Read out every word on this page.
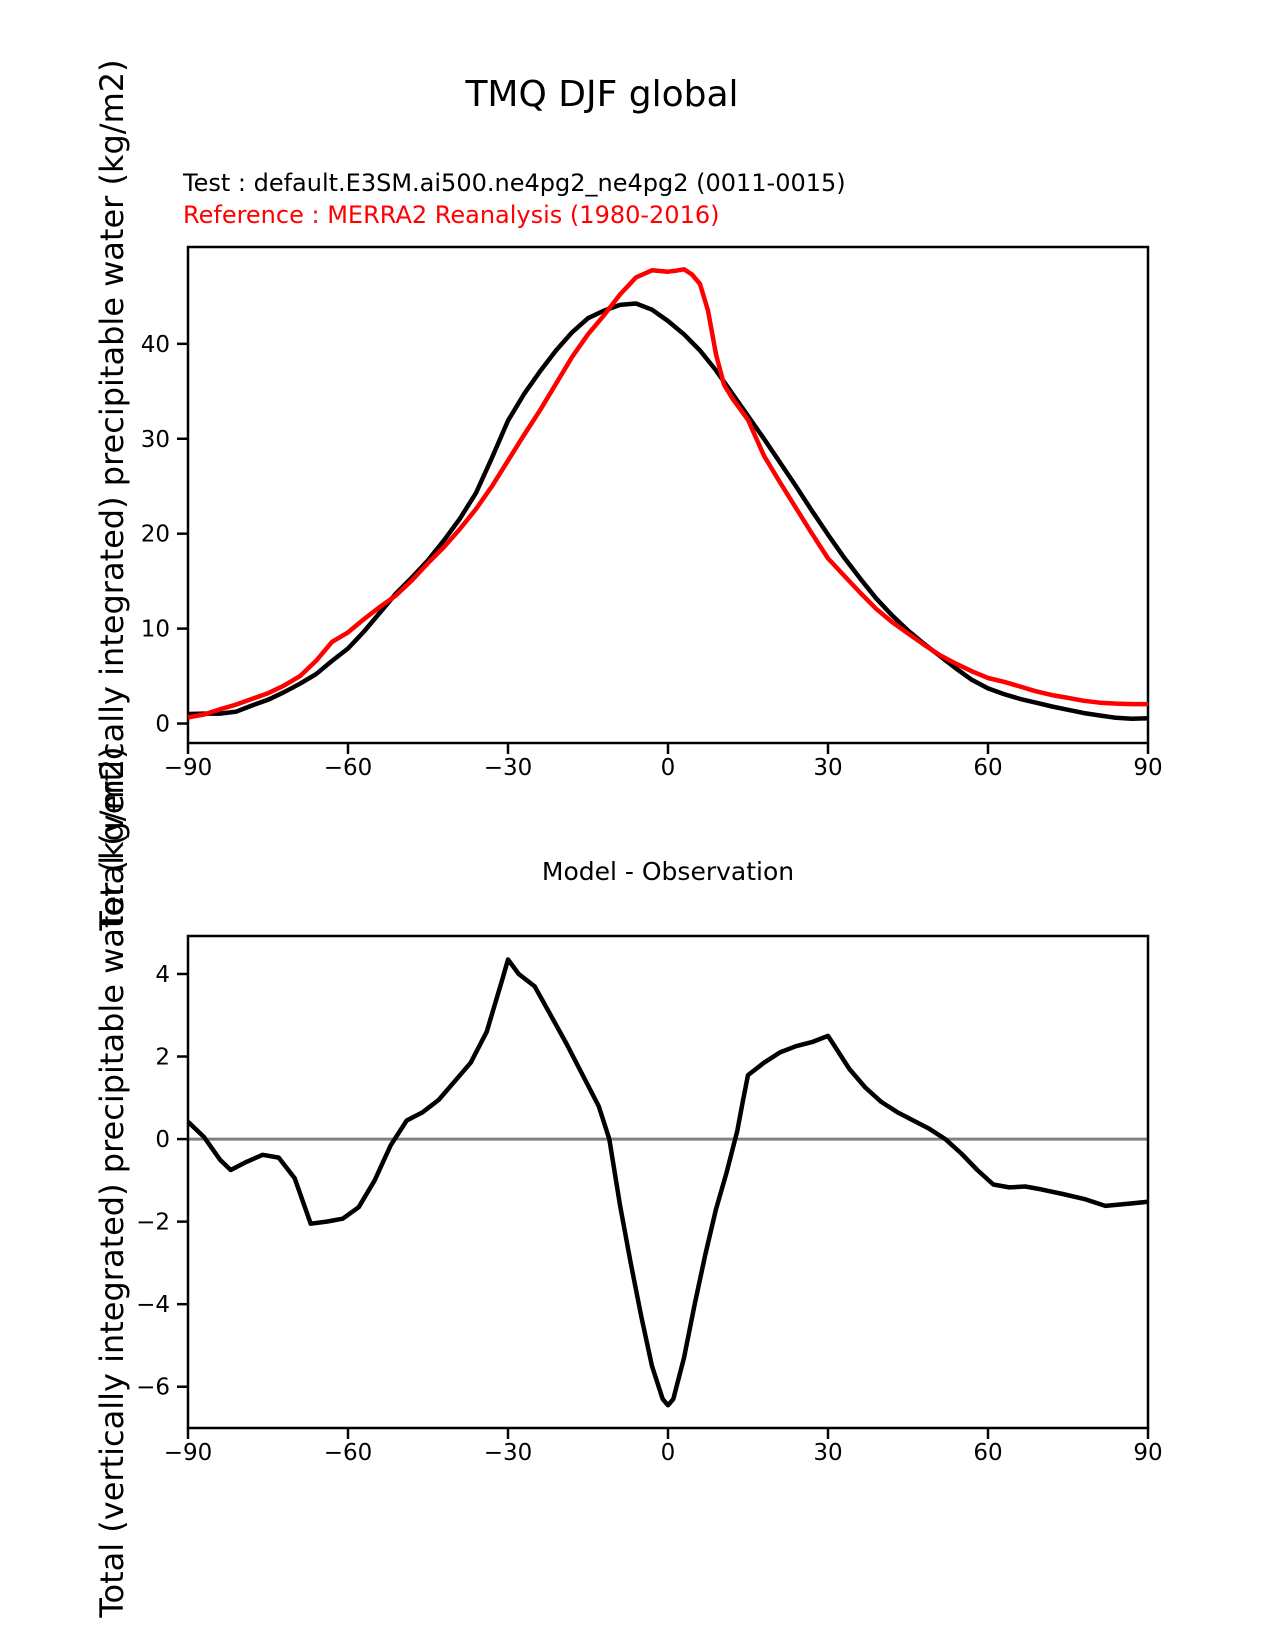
TMQ DJF global
Test : default.E3SM.ai500.ne4pg2_ne4pg2 (0011-0015)
Reference : MERRA2 Reanalysis (1980-2016)
Total (vertically integrated) precipitable water (kg/m2)
Total (vertically integrated) precipitable water (kg/m2)	Model - Observation
−90	−60	−30	0	30	60	90
0
10
20
30
40
−90	−60	−30	0	30	60	90
4
2
0
−2
−4
−6
